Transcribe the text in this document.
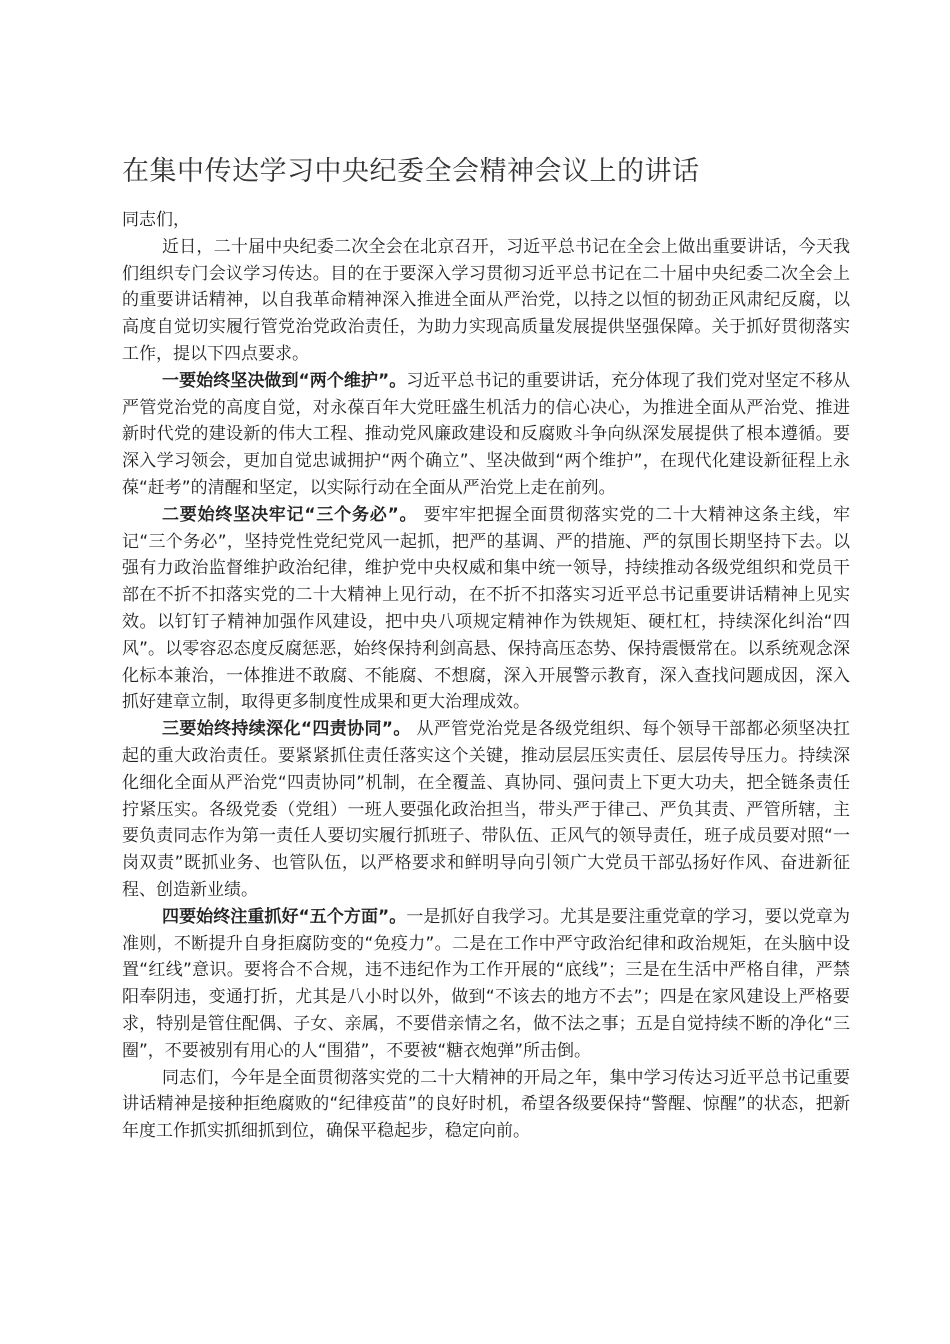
在集中传达学习中央纪委全会精神会议上的讲话

同志们，

近日，二十届中央纪委二次全会在北京召开，习近平总书记在全会上做出重要讲话，今天我们组织专门会议学习传达。目的在于要深入学习贯彻习近平总书记在二十届中央纪委二次全会上的重要讲话精神，以自我革命精神深入推进全面从严治党，以持之以恒的韧劲正风肃纪反腐，以高度自觉切实履行管党治党政治责任，为助力实现高质量发展提供坚强保障。关于抓好贯彻落实工作，提以下四点要求。

一要始终坚决做到“两个维护”。习近平总书记的重要讲话，充分体现了我们党对坚定不移从严管党治党的高度自觉，对永葆百年大党旺盛生机活力的信心决心，为推进全面从严治党、推进新时代党的建设新的伟大工程、推动党风廉政建设和反腐败斗争向纵深发展提供了根本遵循。要深入学习领会，更加自觉忠诚拥护“两个确立”、坚决做到“两个维护”，在现代化建设新征程上永葆“赶考”的清醒和坚定，以实际行动在全面从严治党上走在前列。

二要始终坚决牢记“三个务必”。 要牢牢把握全面贯彻落实党的二十大精神这条主线，牢记“三个务必”，坚持党性党纪党风一起抓，把严的基调、严的措施、严的氛围长期坚持下去。以强有力政治监督维护政治纪律，维护党中央权威和集中统一领导，持续推动各级党组织和党员干部在不折不扣落实党的二十大精神上见行动，在不折不扣落实习近平总书记重要讲话精神上见实效。以钉钉子精神加强作风建设，把中央八项规定精神作为铁规矩、硬杠杠，持续深化纠治“四风”。以零容忍态度反腐惩恶，始终保持利剑高悬、保持高压态势、保持震慑常在。以系统观念深化标本兼治，一体推进不敢腐、不能腐、不想腐，深入开展警示教育，深入查找问题成因，深入抓好建章立制，取得更多制度性成果和更大治理成效。

三要始终持续深化“四责协同”。 从严管党治党是各级党组织、每个领导干部都必须坚决扛起的重大政治责任。要紧紧抓住责任落实这个关键，推动层层压实责任、层层传导压力。持续深化细化全面从严治党“四责协同”机制，在全覆盖、真协同、强问责上下更大功夫，把全链条责任拧紧压实。各级党委（党组）一班人要强化政治担当，带头严于律己、严负其责、严管所辖，主要负责同志作为第一责任人要切实履行抓班子、带队伍、正风气的领导责任，班子成员要对照“一岗双责”既抓业务、也管队伍，以严格要求和鲜明导向引领广大党员干部弘扬好作风、奋进新征程、创造新业绩。

四要始终注重抓好“五个方面”。一是抓好自我学习。尤其是要注重党章的学习，要以党章为准则，不断提升自身拒腐防变的“免疫力”。二是在工作中严守政治纪律和政治规矩，在头脑中设置“红线”意识。要将合不合规，违不违纪作为工作开展的“底线”；三是在生活中严格自律，严禁阳奉阴违，变通打折，尤其是八小时以外，做到“不该去的地方不去”；四是在家风建设上严格要求，特别是管住配偶、子女、亲属，不要借亲情之名，做不法之事；五是自觉持续不断的净化“三圈”，不要被别有用心的人“围猎”，不要被“糖衣炮弹”所击倒。

同志们，今年是全面贯彻落实党的二十大精神的开局之年，集中学习传达习近平总书记重要讲话精神是接种拒绝腐败的“纪律疫苗”的良好时机，希望各级要保持“警醒、惊醒”的状态，把新年度工作抓实抓细抓到位，确保平稳起步，稳定向前。
